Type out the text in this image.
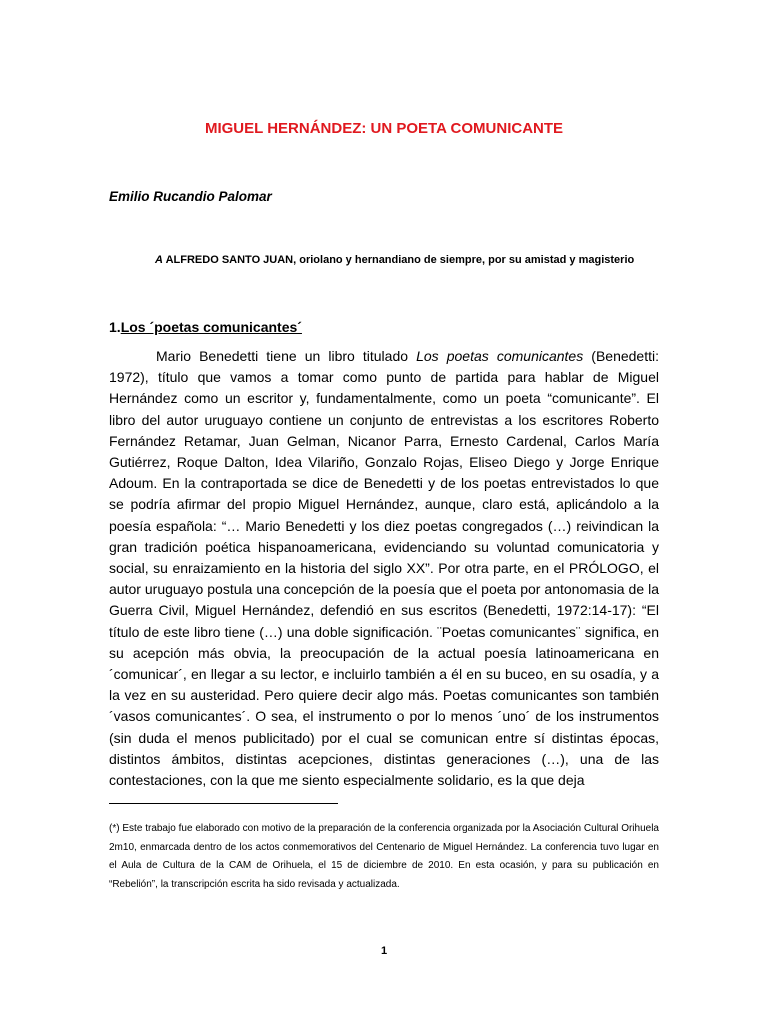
MIGUEL HERNÁNDEZ: UN POETA COMUNICANTE
Emilio Rucandio Palomar
A ALFREDO SANTO JUAN, oriolano y hernandiano de siempre, por su amistad y magisterio
1.Los ´poetas comunicantes´

Mario Benedetti tiene un libro titulado Los poetas comunicantes (Benedetti: 1972), título que vamos a tomar como punto de partida para hablar de Miguel Hernández como un escritor y, fundamentalmente, como un poeta “comunicante”. El libro del autor uruguayo contiene un conjunto de entrevistas a los escritores Roberto Fernández Retamar, Juan Gelman, Nicanor Parra, Ernesto Cardenal, Carlos María Gutiérrez, Roque Dalton, Idea Vilariño, Gonzalo Rojas, Eliseo Diego y Jorge Enrique Adoum. En la contraportada se dice de Benedetti y de los poetas entrevistados lo que se podría afirmar del propio Miguel Hernández, aunque, claro está, aplicándolo a la poesía española: “… Mario Benedetti y los diez poetas congregados (…) reivindican la gran tradición poética hispanoamericana, evidenciando su voluntad comunicatoria y social, su enraizamiento en la historia del siglo XX”. Por otra parte, en el PRÓLOGO, el autor uruguayo postula una concepción de la poesía que el poeta por antonomasia de la Guerra Civil, Miguel Hernández, defendió en sus escritos (Benedetti, 1972:14-17): “El título de este libro tiene (…) una doble significación. ¨Poetas comunicantes¨ significa, en su acepción más obvia, la preocupación de la actual poesía latinoamericana en ´comunicar´, en llegar a su lector, e incluirlo también a él en su buceo, en su osadía, y a la vez en su austeridad. Pero quiere decir algo más. Poetas comunicantes son también ´vasos comunicantes´. O sea, el instrumento o por lo menos ´uno´ de los instrumentos (sin duda el menos publicitado) por el cual se comunican entre sí distintas épocas, distintos ámbitos, distintas acepciones, distintas generaciones (…), una de las contestaciones, con la que me siento especialmente solidario, es la que deja

(*) Este trabajo fue elaborado con motivo de la preparación de la conferencia organizada por la Asociación Cultural Orihuela 2m10, enmarcada dentro de los actos conmemorativos del Centenario de Miguel Hernández. La conferencia tuvo lugar en el Aula de Cultura de la CAM de Orihuela, el 15 de diciembre de 2010. En esta ocasión, y para su publicación en “Rebelión”, la transcripción escrita ha sido revisada y actualizada.

1
